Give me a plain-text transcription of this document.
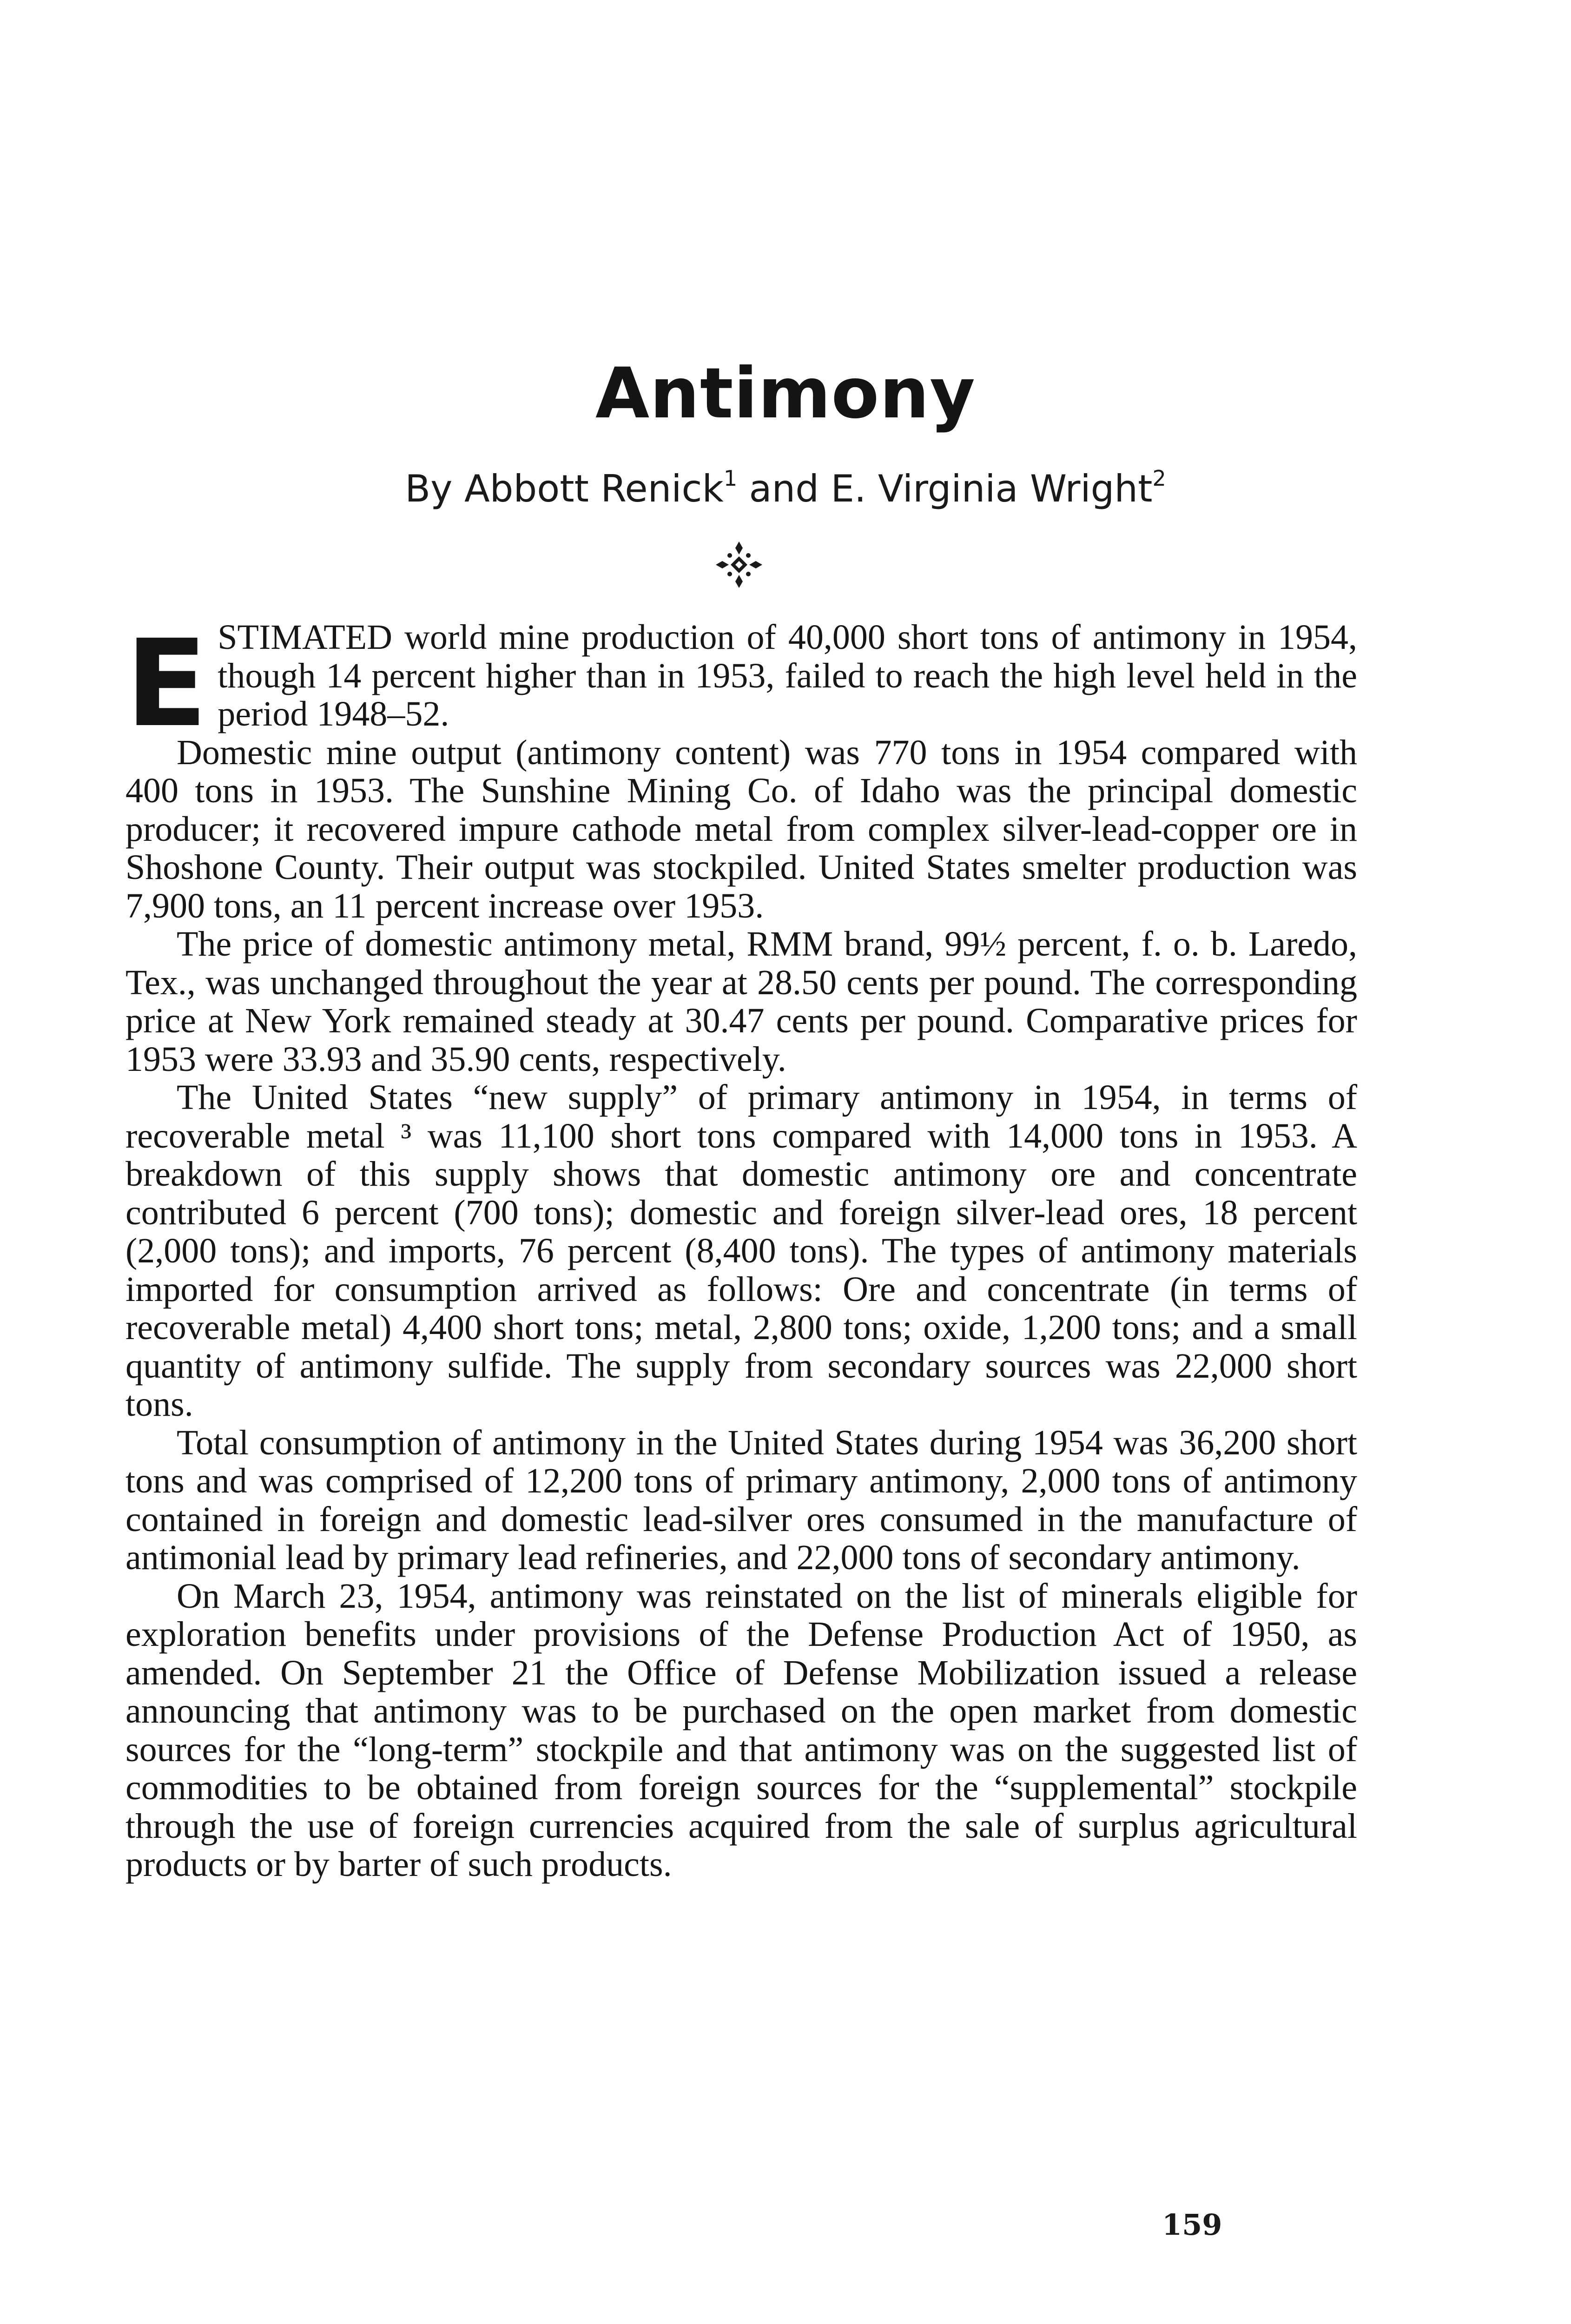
Antimony
By Abbott Renick$^1$ and E. Virginia Wright$^2$

E STIMATED world mine production of 40,000 short tons of antimony in 1954, though 14 percent higher than in 1953, failed to reach the high level held in the period 1948–52.

Domestic mine output (antimony content) was 770 tons in 1954 compared with 400 tons in 1953. The Sunshine Mining Co. of Idaho was the principal domestic producer; it recovered impure cathode metal from complex silver-lead-copper ore in Shoshone County. Their output was stockpiled. United States smelter production was 7,900 tons, an 11 percent increase over 1953.

The price of domestic antimony metal, RMM brand, 99½ percent, f. o. b. Laredo, Tex., was unchanged throughout the year at 28.50 cents per pound. The corresponding price at New York remained steady at 30.47 cents per pound. Comparative prices for 1953 were 33.93 and 35.90 cents, respectively.

The United States “new supply” of primary antimony in 1954, in terms of recoverable metal ³ was 11,100 short tons compared with 14,000 tons in 1953. A breakdown of this supply shows that domestic antimony ore and concentrate contributed 6 percent (700 tons); domestic and foreign silver-lead ores, 18 percent (2,000 tons); and imports, 76 percent (8,400 tons). The types of antimony materials imported for consumption arrived as follows: Ore and concentrate (in terms of recoverable metal) 4,400 short tons; metal, 2,800 tons; oxide, 1,200 tons; and a small quantity of antimony sulfide. The supply from secondary sources was 22,000 short tons.

Total consumption of antimony in the United States during 1954 was 36,200 short tons and was comprised of 12,200 tons of primary antimony, 2,000 tons of antimony contained in foreign and domestic lead-silver ores consumed in the manufacture of antimonial lead by primary lead refineries, and 22,000 tons of secondary antimony.

On March 23, 1954, antimony was reinstated on the list of minerals eligible for exploration benefits under provisions of the Defense Production Act of 1950, as amended. On September 21 the Office of Defense Mobilization issued a release announcing that antimony was to be purchased on the open market from domestic sources for the “long-term” stockpile and that antimony was on the suggested list of commodities to be obtained from foreign sources for the “supplemental” stockpile through the use of foreign currencies acquired from the sale of surplus agricultural products or by barter of such products.

159
